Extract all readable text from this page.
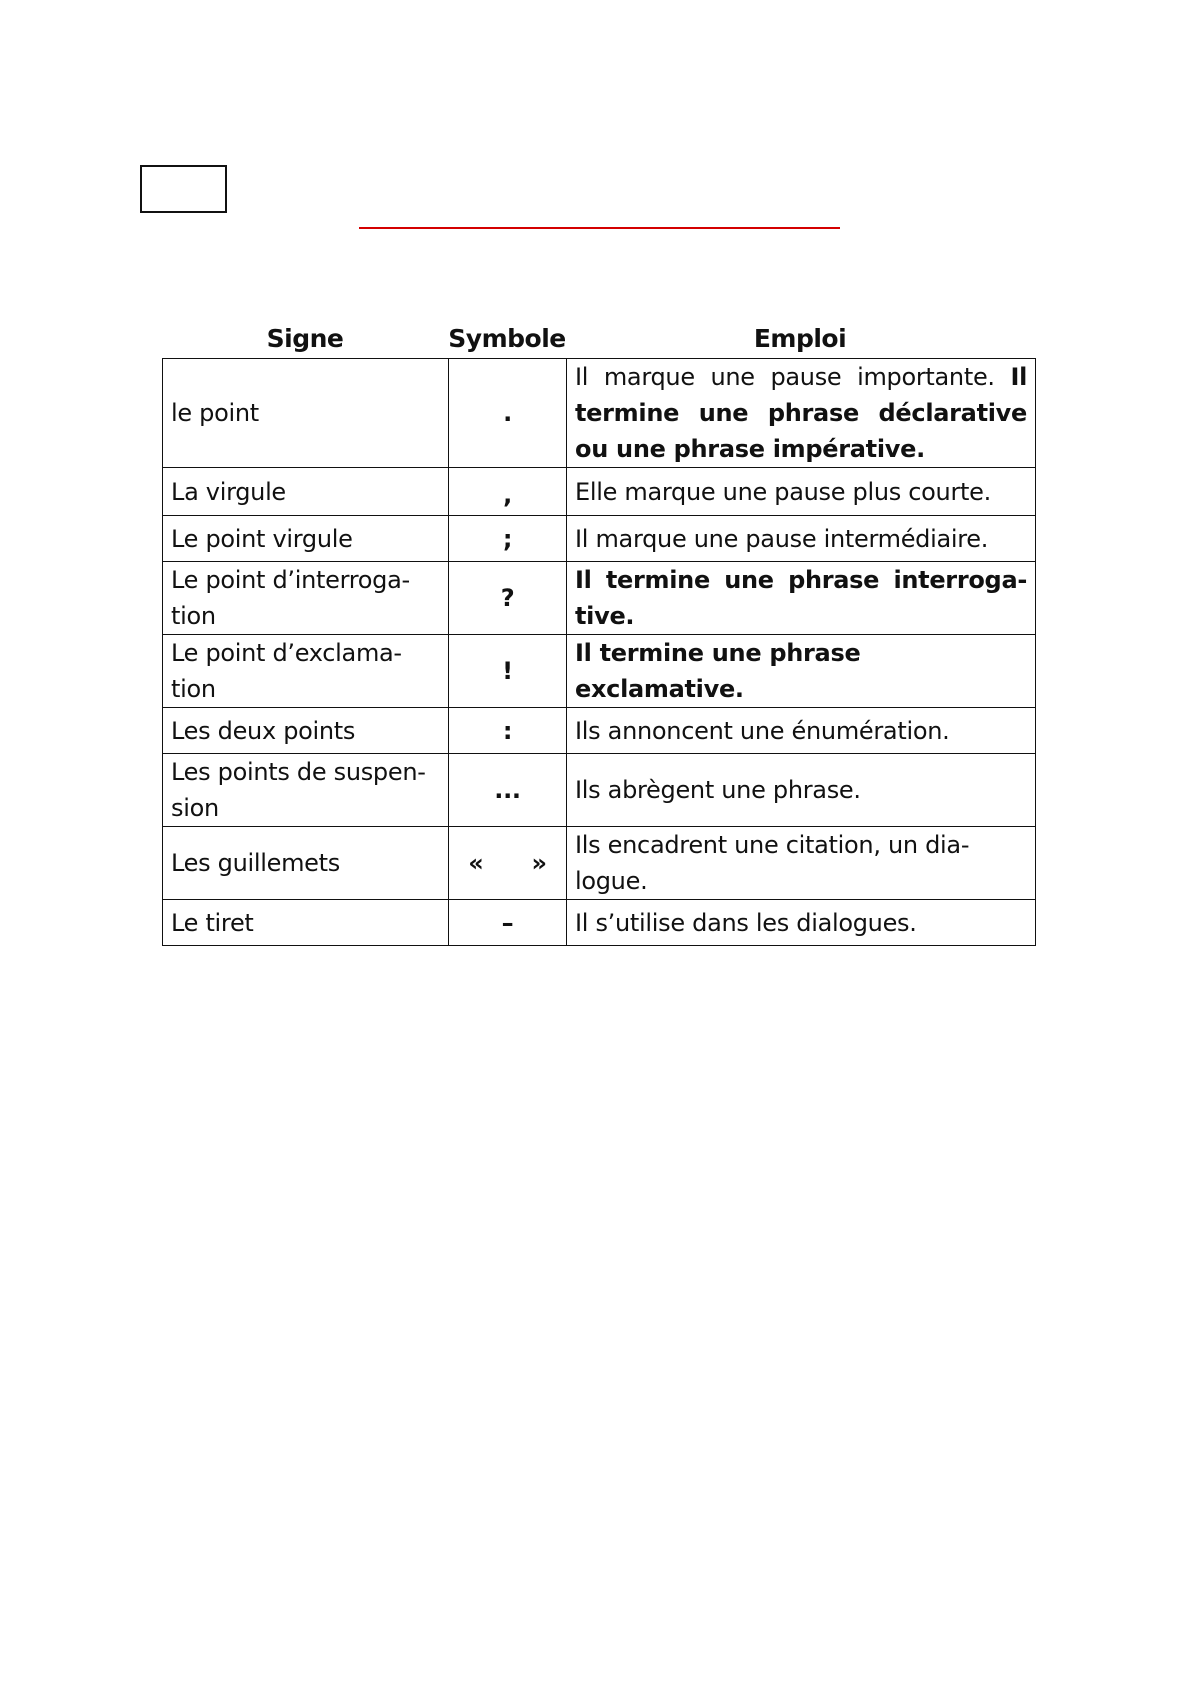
Signe	Symbole	Emploi
le point	.	Il marque une pause importante. Il termine une phrase déclarative ou une phrase impérative.
La virgule	,	Elle marque une pause plus courte.
Le point virgule	;	Il marque une pause intermédiaire.
Le point d’interroga-tion	?	Il termine une phrase interroga-tive.
Le point d’exclama-tion	!	Il termine une phrase exclamative.
Les deux points	:	Ils annoncent une énumération.
Les points de suspen-sion	...	Ils abrègent une phrase.
Les guillemets	« »	Ils encadrent une citation, un dia-logue.
Le tiret	–	Il s’utilise dans les dialogues.
